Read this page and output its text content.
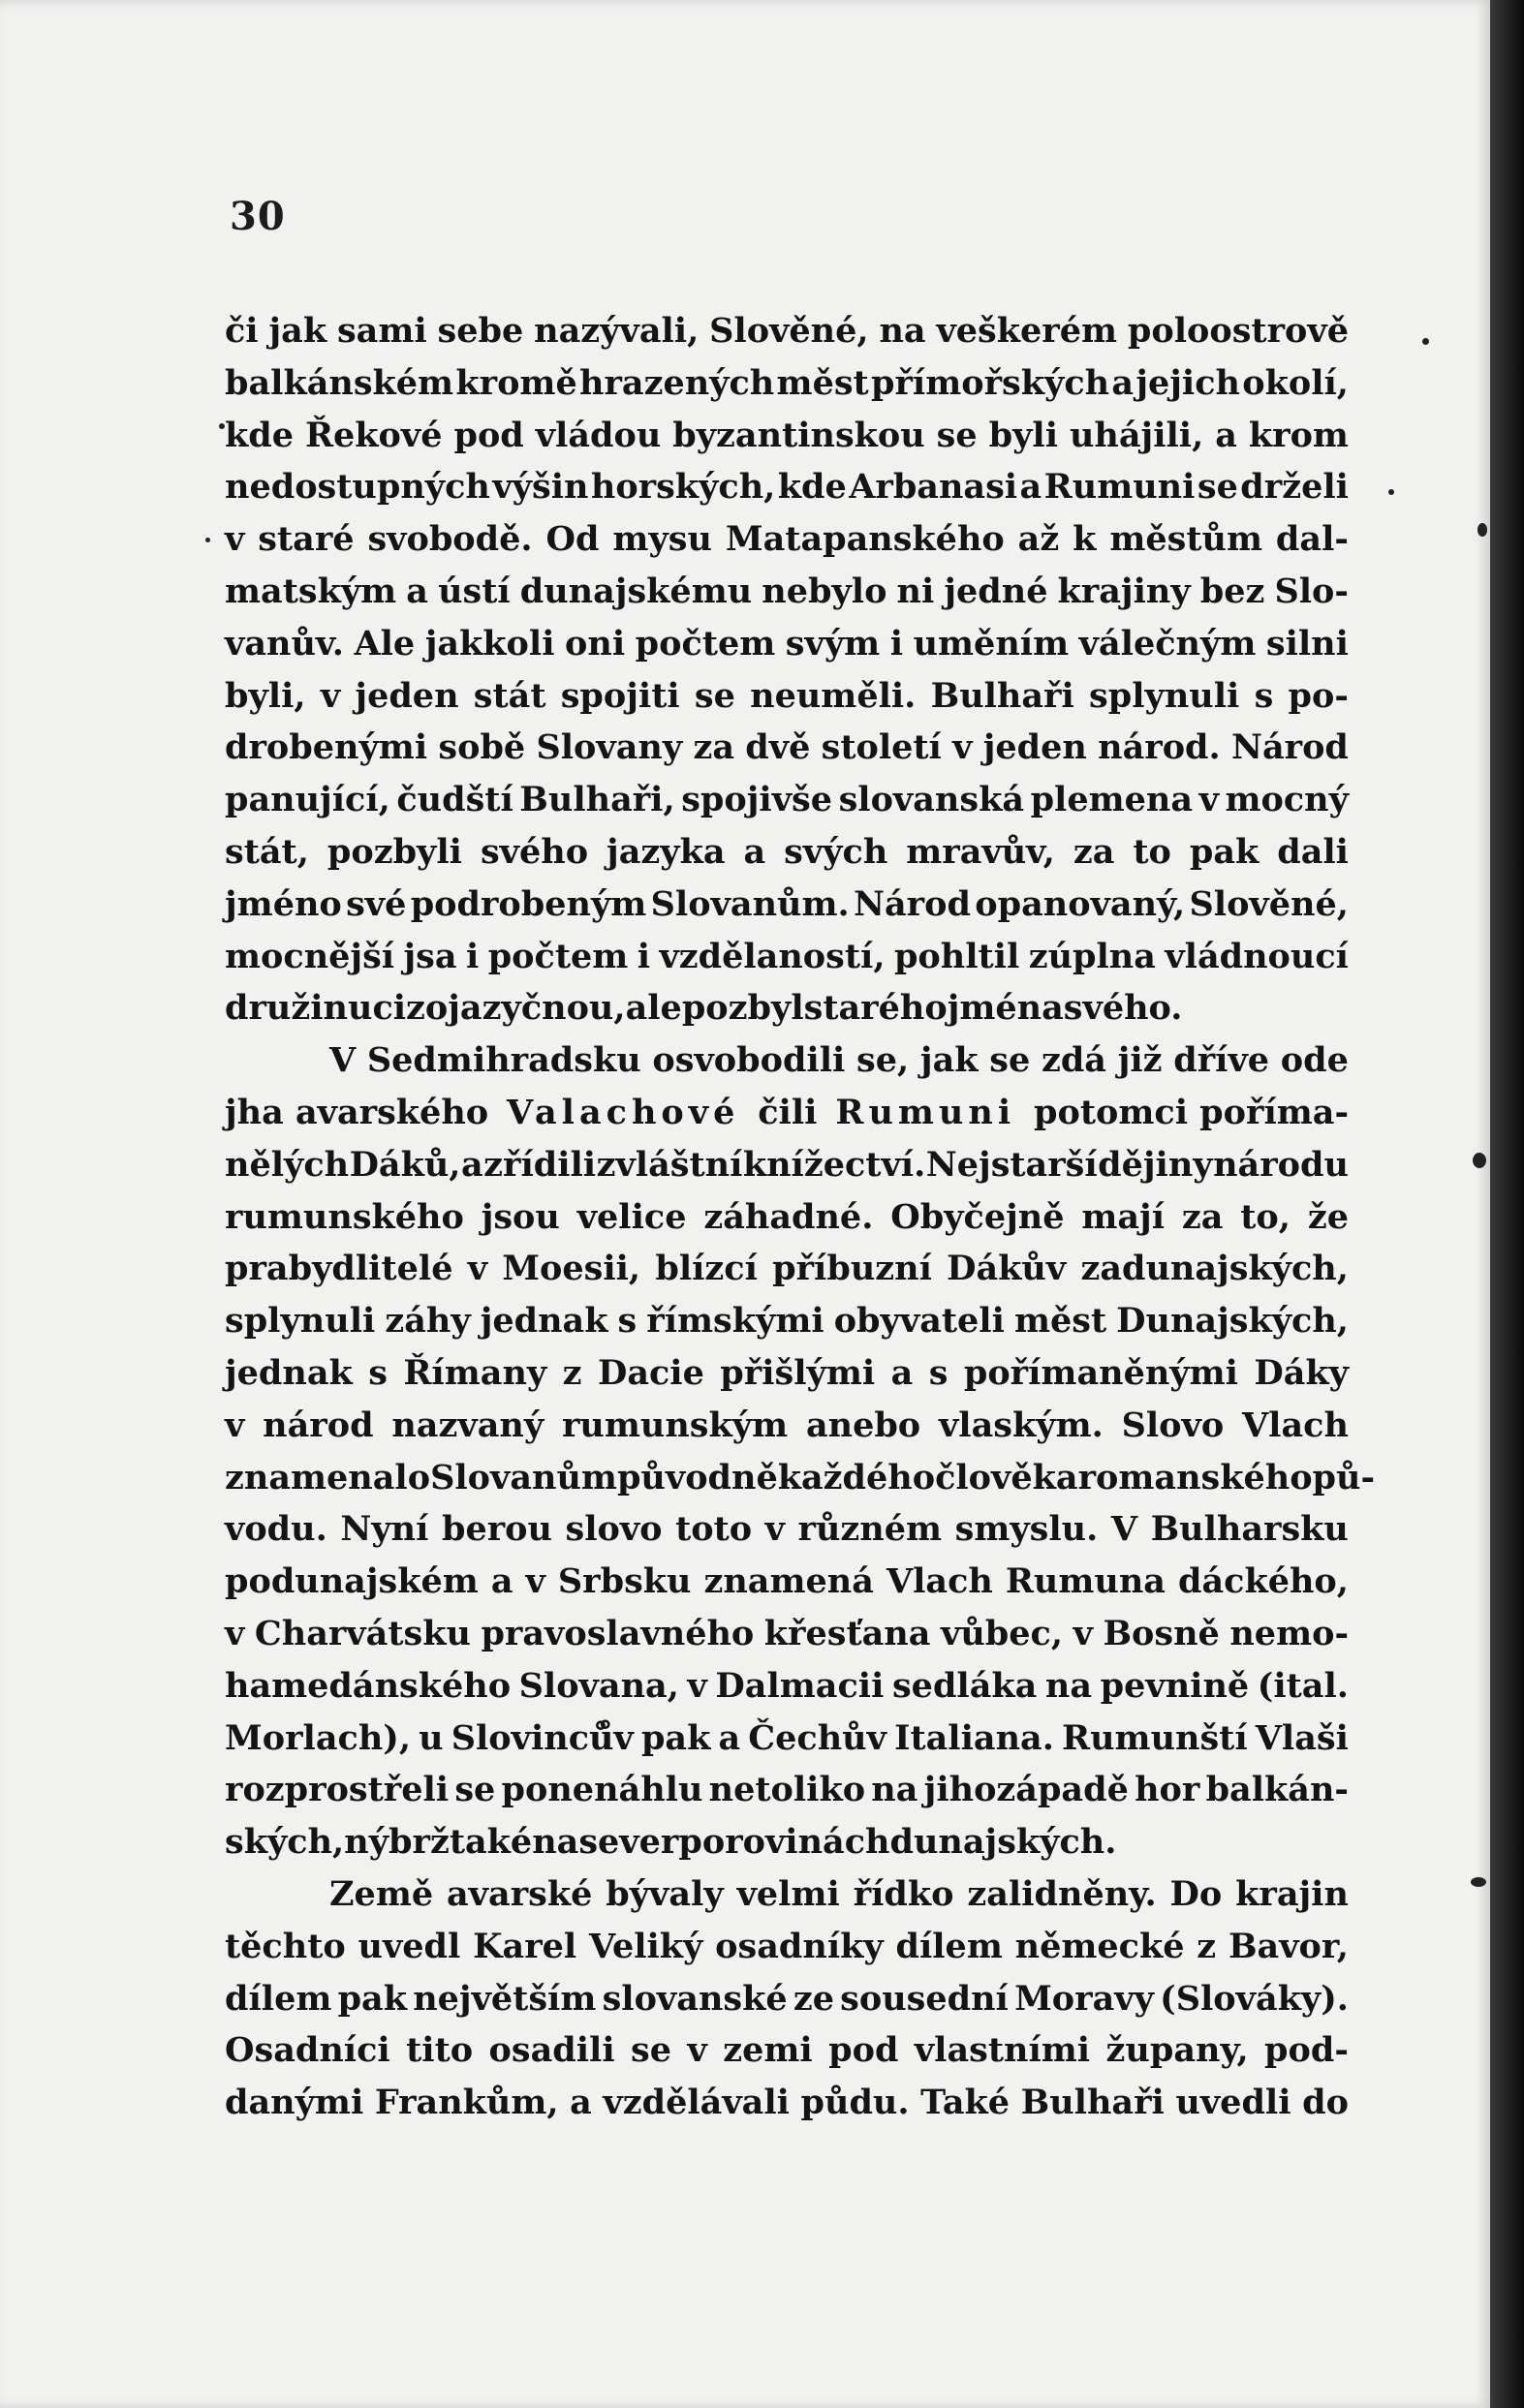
30
či jak sami sebe nazývali, Slověné, na veškerém poloostrově
balkánském kromě hrazených měst přímořských a jejich okolí,
kde Řekové pod vládou byzantinskou se byli uhájili, a krom
nedostupných výšin horských, kde Arbanasi a Rumuni se drželi
v staré svobodě. Od mysu Matapanského až k městům dal-
matským a ústí dunajskému nebylo ni jedné krajiny bez Slo-
vanův. Ale jakkoli oni počtem svým i uměním válečným silni
byli, v jeden stát spojiti se neuměli. Bulhaři splynuli s po-
drobenými sobě Slovany za dvě století v jeden národ. Národ
panující, čudští Bulhaři, spojivše slovanská plemena v mocný
stát, pozbyli svého jazyka a svých mravův, za to pak dali
jméno své podrobeným Slovanům. Národ opanovaný, Slověné,
mocnější jsa i počtem i vzdělaností, pohltil zúplna vládnoucí
družinu cizojazyčnou, ale pozbyl starého jména svého.
V Sedmihradsku osvobodili se, jak se zdá již dříve ode
jha avarského Valachové čili Rumuni potomci poříma-
nělých Dáků, a zřídili zvláštní knížectví. Nejstarší dějiny národu
rumunského jsou velice záhadné. Obyčejně mají za to, že
prabydlitelé v Moesii, blízcí příbuzní Dákův zadunajských,
splynuli záhy jednak s římskými obyvateli měst Dunajských,
jednak s Římany z Dacie přišlými a s pořímaněnými Dáky
v národ nazvaný rumunským anebo vlaským. Slovo Vlach
znamenalo Slovanům původně každého člověka romanského pů-
vodu. Nyní berou slovo toto v různém smyslu. V Bulharsku
podunajském a v Srbsku znamená Vlach Rumuna dáckého,
v Charvátsku pravoslavného křesťana vůbec, v Bosně nemo-
hamedánského Slovana, v Dalmacii sedláka na pevnině (ital.
Morlach), u Slovinců̊v pak a Čechův Italiana. Rumunští Vlaši
rozprostřeli se ponenáhlu netoliko na jihozápadě hor balkán-
ských, nýbrž také na sever po rovinách dunajských.
Země avarské bývaly velmi řídko zalidněny. Do krajin
těchto uvedl Karel Veliký osadníky dílem německé z Bavor,
dílem pak největším slovanské ze sousední Moravy (Slováky).
Osadníci tito osadili se v zemi pod vlastními župany, pod-
danými Frankům, a vzdělávali půdu. Také Bulhaři uvedli do
